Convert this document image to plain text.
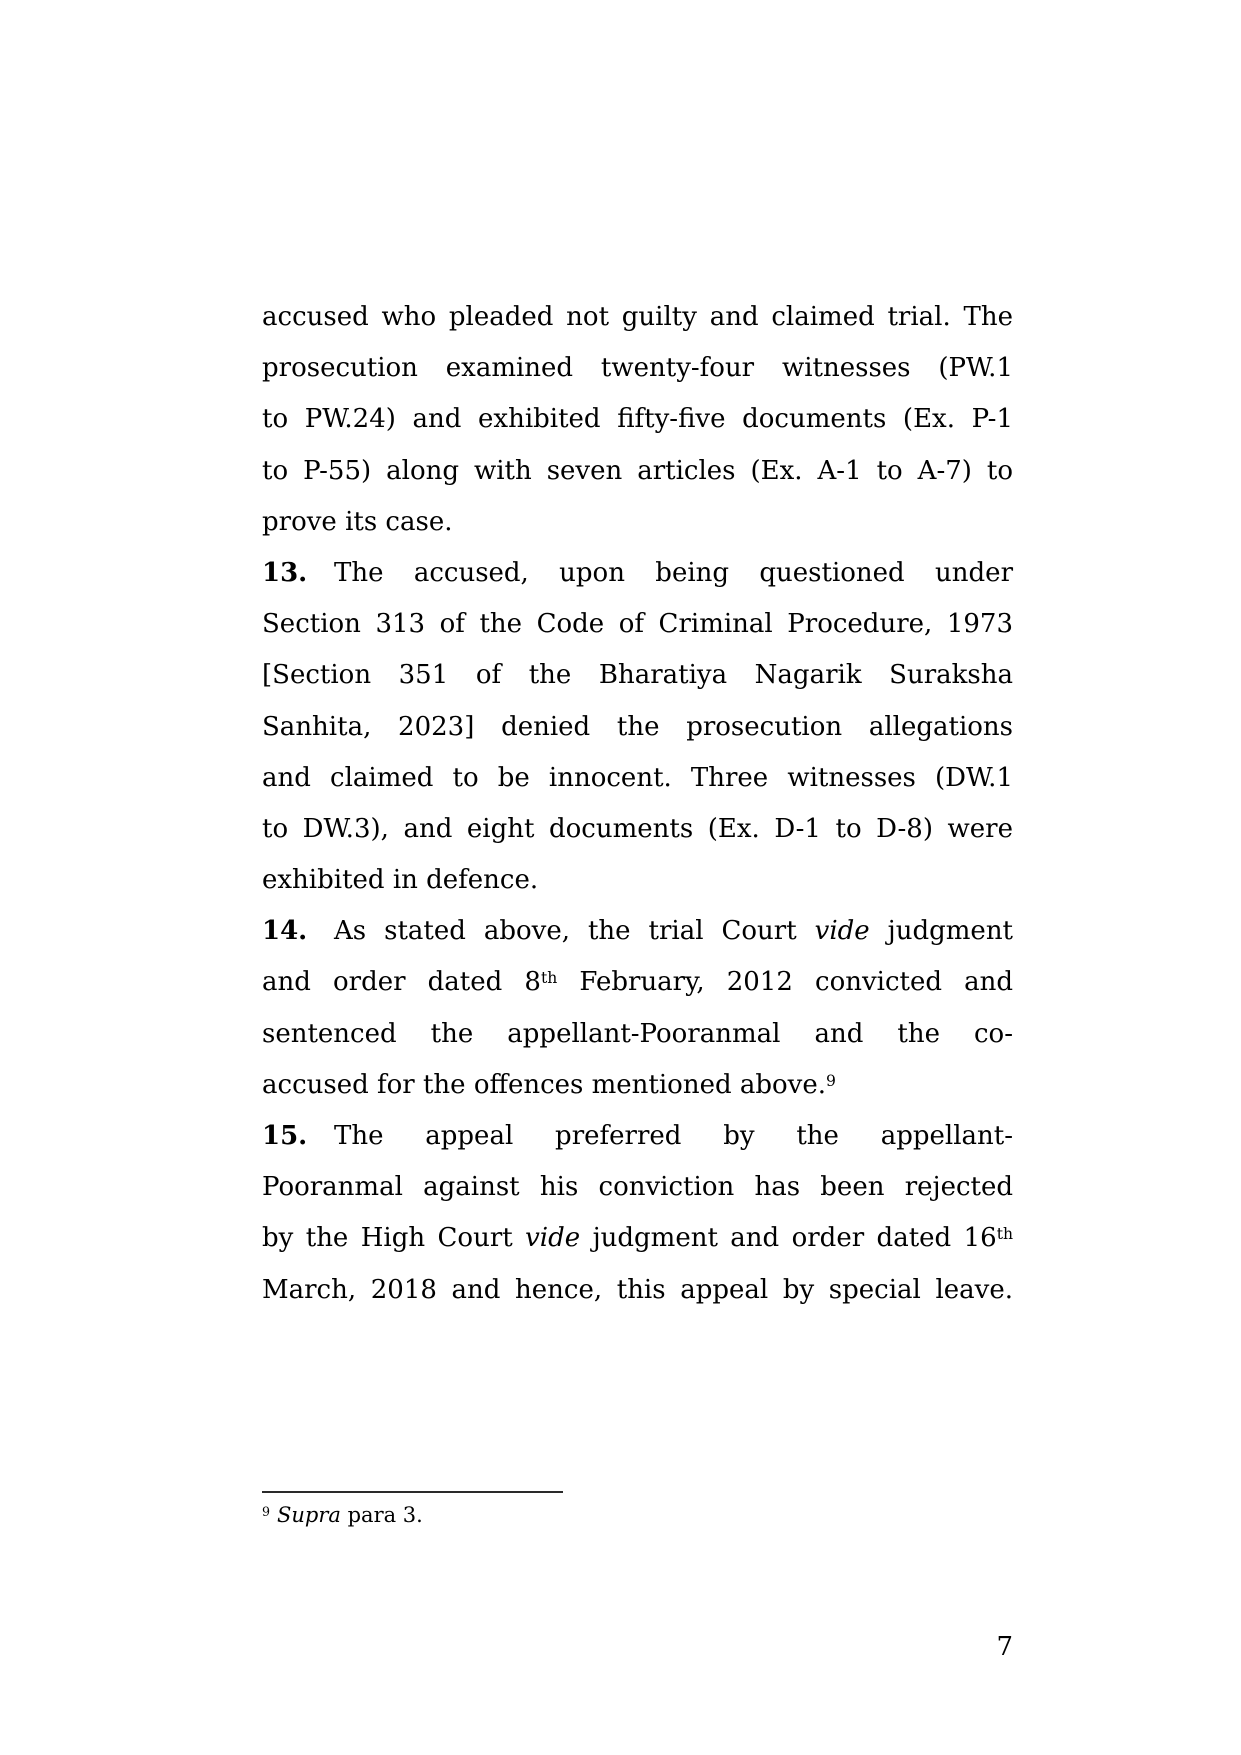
accused who pleaded not guilty and claimed trial. The
prosecution examined twenty-four witnesses (PW.1
to PW.24) and exhibited fifty-five documents (Ex. P-1
to P-55) along with seven articles (Ex. A-1 to A-7) to
prove its case.
13. The accused, upon being questioned under
Section 313 of the Code of Criminal Procedure, 1973
[Section 351 of the Bharatiya Nagarik Suraksha
Sanhita, 2023] denied the prosecution allegations
and claimed to be innocent. Three witnesses (DW.1
to DW.3), and eight documents (Ex. D-1 to D-8) were
exhibited in defence.
14. As stated above, the trial Court vide judgment
and order dated 8th February, 2012 convicted and
sentenced the appellant-Pooranmal and the co-
accused for the offences mentioned above.$^9$
15. The appeal preferred by the appellant-
Pooranmal against his conviction has been rejected
by the High Court vide judgment and order dated 16th
March, 2018 and hence, this appeal by special leave.
$^9$ Supra para 3.
7
